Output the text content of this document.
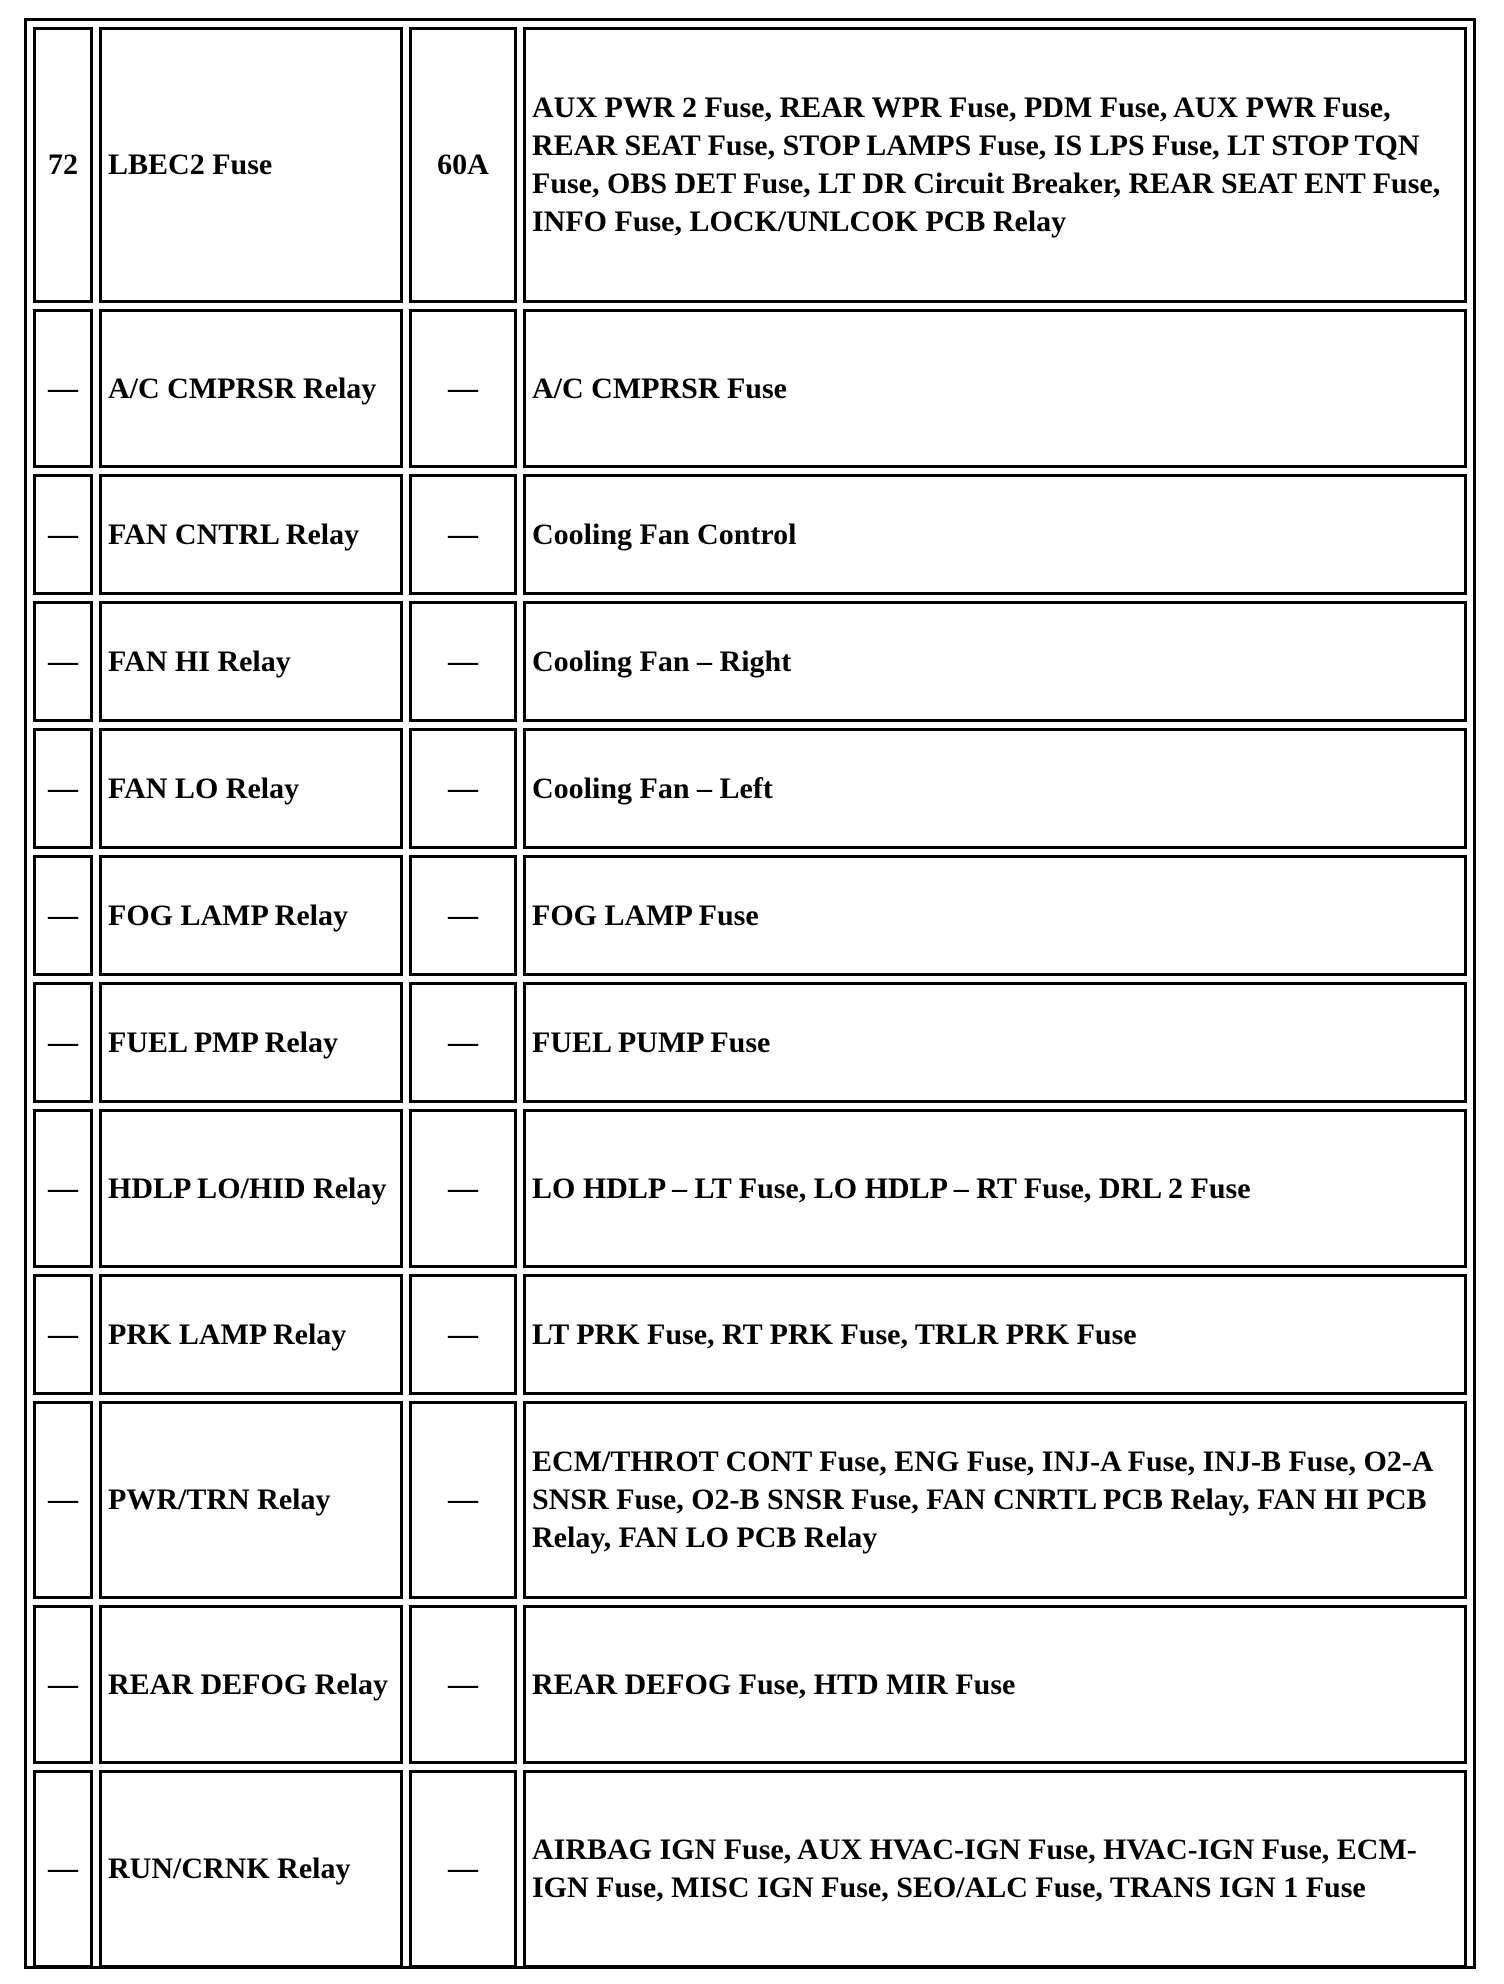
72	LBEC2 Fuse	60A	AUX PWR 2 Fuse, REAR WPR Fuse, PDM Fuse, AUX PWR Fuse, REAR SEAT Fuse, STOP LAMPS Fuse, IS LPS Fuse, LT STOP TQN Fuse, OBS DET Fuse, LT DR Circuit Breaker, REAR SEAT ENT Fuse, INFO Fuse, LOCK/UNLCOK PCB Relay
—	A/C CMPRSR Relay	—	A/C CMPRSR Fuse
—	FAN CNTRL Relay	—	Cooling Fan Control
—	FAN HI Relay	—	Cooling Fan – Right
—	FAN LO Relay	—	Cooling Fan – Left
—	FOG LAMP Relay	—	FOG LAMP Fuse
—	FUEL PMP Relay	—	FUEL PUMP Fuse
—	HDLP LO/HID Relay	—	LO HDLP – LT Fuse, LO HDLP – RT Fuse, DRL 2 Fuse
—	PRK LAMP Relay	—	LT PRK Fuse, RT PRK Fuse, TRLR PRK Fuse
—	PWR/TRN Relay	—	ECM/THROT CONT Fuse, ENG Fuse, INJ-A Fuse, INJ-B Fuse, O2-A SNSR Fuse, O2-B SNSR Fuse, FAN CNRTL PCB Relay, FAN HI PCB Relay, FAN LO PCB Relay
—	REAR DEFOG Relay	—	REAR DEFOG Fuse, HTD MIR Fuse
—	RUN/CRNK Relay	—	AIRBAG IGN Fuse, AUX HVAC-IGN Fuse, HVAC-IGN Fuse, ECM-IGN Fuse, MISC IGN Fuse, SEO/ALC Fuse, TRANS IGN 1 Fuse
